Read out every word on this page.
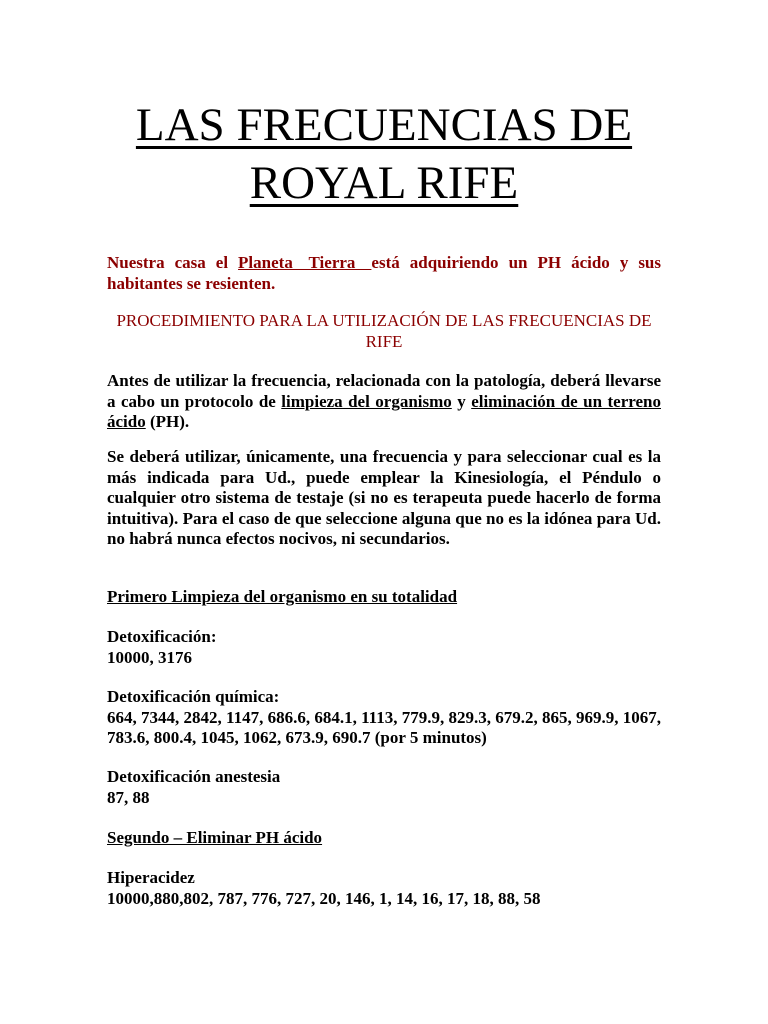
LAS FRECUENCIAS DE
ROYAL RIFE

Nuestra casa el Planeta Tierra está adquiriendo un PH ácido y sus habitantes se resienten.

PROCEDIMIENTO PARA LA UTILIZACIÓN DE LAS FRECUENCIAS DE RIFE

Antes de utilizar la frecuencia, relacionada con la patología, deberá llevarse a cabo un protocolo de limpieza del organismo y eliminación de un terreno ácido (PH).

Se deberá utilizar, únicamente, una frecuencia y para seleccionar cual es la más indicada para Ud., puede emplear la Kinesiología, el Péndulo o cualquier otro sistema de testaje (si no es terapeuta puede hacerlo de forma intuitiva). Para el caso de que seleccione alguna que no es la idónea para Ud. no habrá nunca efectos nocivos, ni secundarios.

Primero Limpieza del organismo en su totalidad

Detoxificación:
10000, 3176

Detoxificación química:
664, 7344, 2842, 1147, 686.6, 684.1, 1113, 779.9, 829.3, 679.2, 865, 969.9, 1067, 783.6, 800.4, 1045, 1062, 673.9, 690.7 (por 5 minutos)

Detoxificación anestesia
87, 88

Segundo – Eliminar PH ácido

Hiperacidez
10000,880,802, 787, 776, 727, 20, 146, 1, 14, 16, 17, 18, 88, 58
